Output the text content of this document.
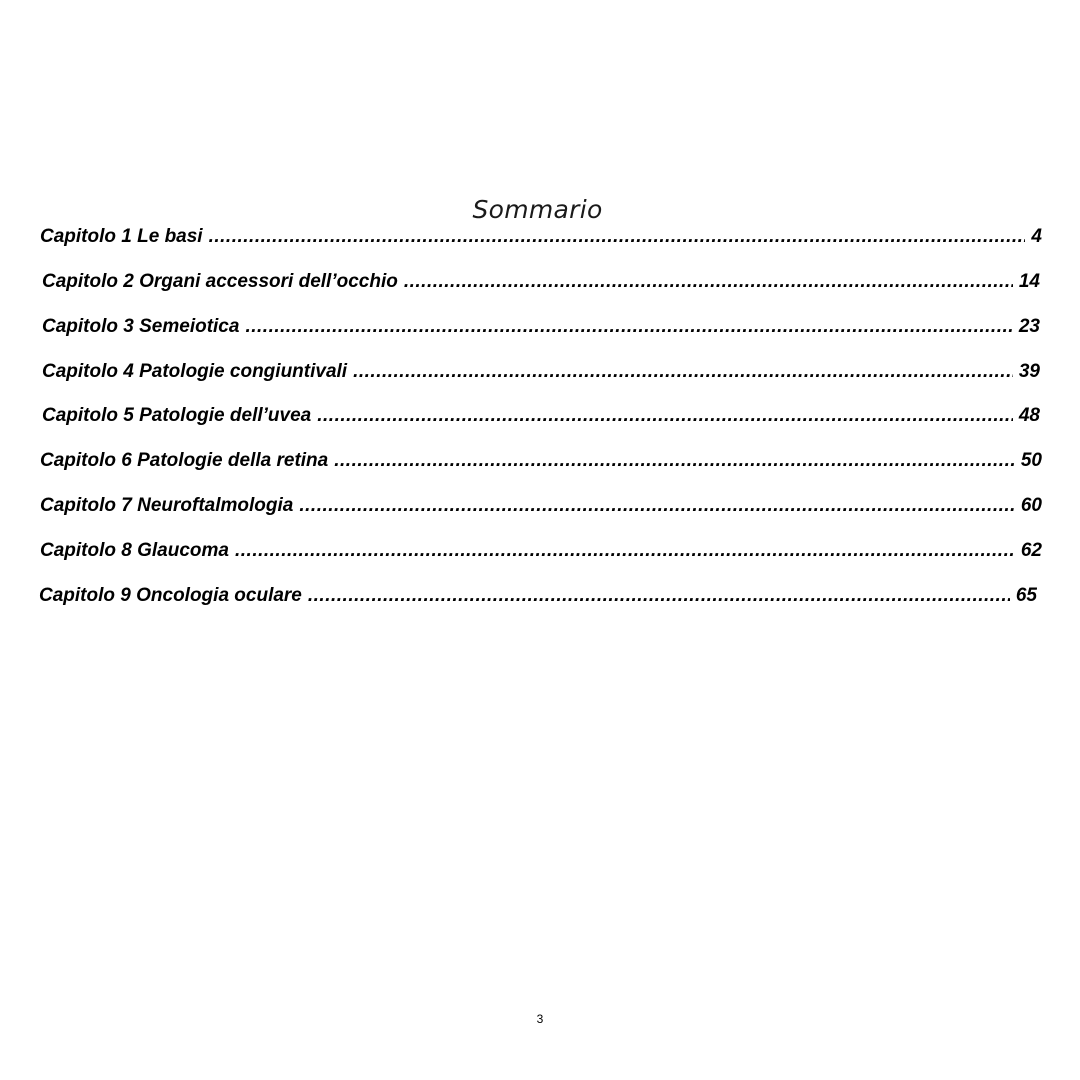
Sommario
Capitolo 1 Le basi .....	4
Capitolo 2 Organi accessori dell’occhio .....	14
Capitolo 3 Semeiotica .....	23
Capitolo 4 Patologie congiuntivali .....	39
Capitolo 5 Patologie dell’uvea .....	48
Capitolo 6 Patologie della retina .....	50
Capitolo 7 Neuroftalmologia .....	60
Capitolo 8 Glaucoma .....	62
Capitolo 9 Oncologia oculare .....	65
3
